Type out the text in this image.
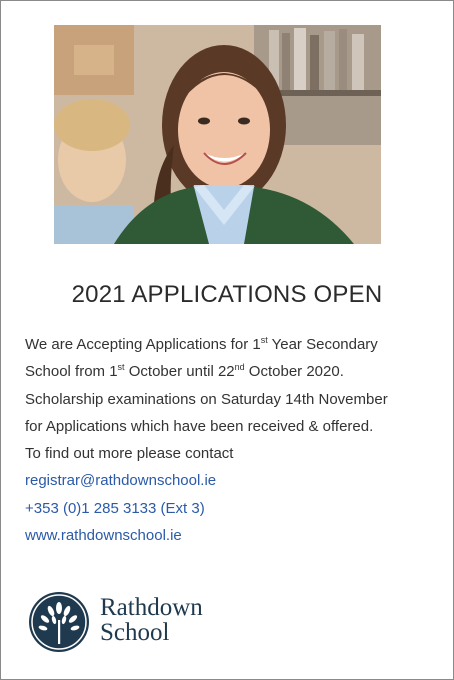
2021 APPLICATIONS OPEN
We are Accepting Applications for 1st Year Secondary
School from 1st October until 22nd October 2020.
Scholarship examinations on Saturday 14th November
for Applications which have been received & offered.
To find out more please contact
registrar@rathdownschool.ie
+353 (0)1 285 3133 (Ext 3)
www.rathdownschool.ie
Rathdown
School
